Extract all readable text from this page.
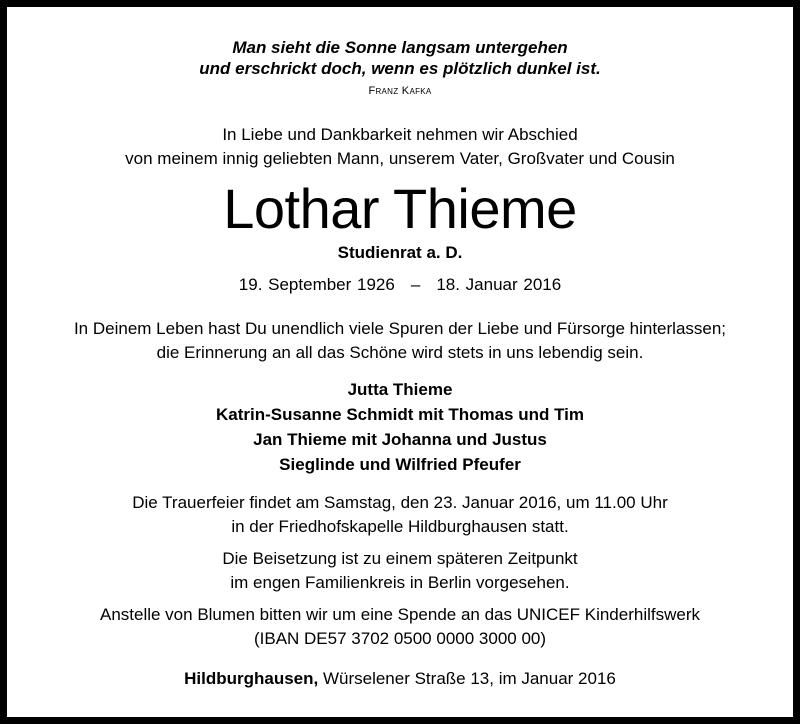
Man sieht die Sonne langsam untergehen
und erschrickt doch, wenn es plötzlich dunkel ist.
Franz Kafka
In Liebe und Dankbarkeit nehmen wir Abschied
von meinem innig geliebten Mann, unserem Vater, Großvater und Cousin
Lothar Thieme
Studienrat a. D.
19. September 1926 – 18. Januar 2016
In Deinem Leben hast Du unendlich viele Spuren der Liebe und Fürsorge hinterlassen;
die Erinnerung an all das Schöne wird stets in uns lebendig sein.
Jutta Thieme
Katrin-Susanne Schmidt mit Thomas und Tim
Jan Thieme mit Johanna und Justus
Sieglinde und Wilfried Pfeufer
Die Trauerfeier findet am Samstag, den 23. Januar 2016, um 11.00 Uhr
in der Friedhofskapelle Hildburghausen statt.
Die Beisetzung ist zu einem späteren Zeitpunkt
im engen Familienkreis in Berlin vorgesehen.
Anstelle von Blumen bitten wir um eine Spende an das UNICEF Kinderhilfswerk
(IBAN DE57 3702 0500 0000 3000 00)
Hildburghausen, Würselener Straße 13, im Januar 2016
